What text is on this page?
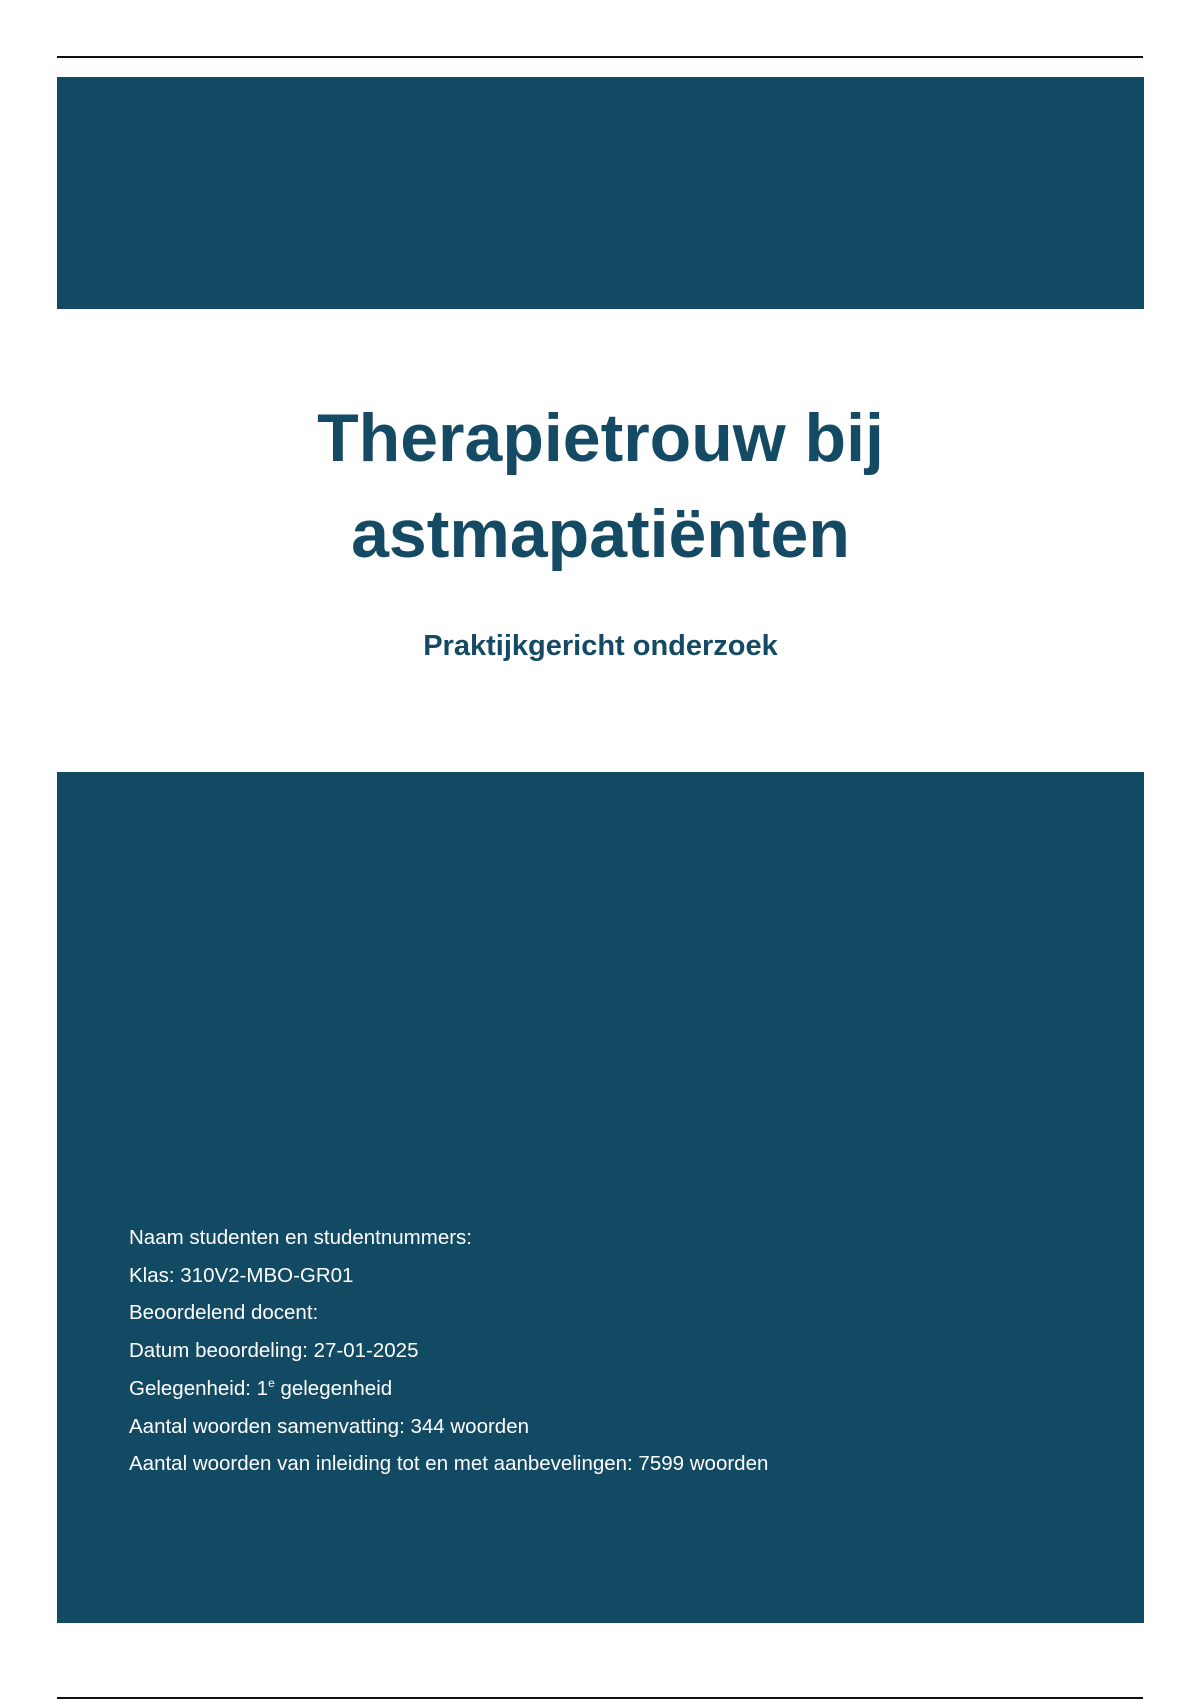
Therapietrouw bij
astmapatiënten

Praktijkgericht onderzoek

Naam studenten en studentnummers:
Klas: 310V2-MBO-GR01
Beoordelend docent:
Datum beoordeling: 27-01-2025
Gelegenheid: 1e gelegenheid
Aantal woorden samenvatting: 344 woorden
Aantal woorden van inleiding tot en met aanbevelingen: 7599 woorden
